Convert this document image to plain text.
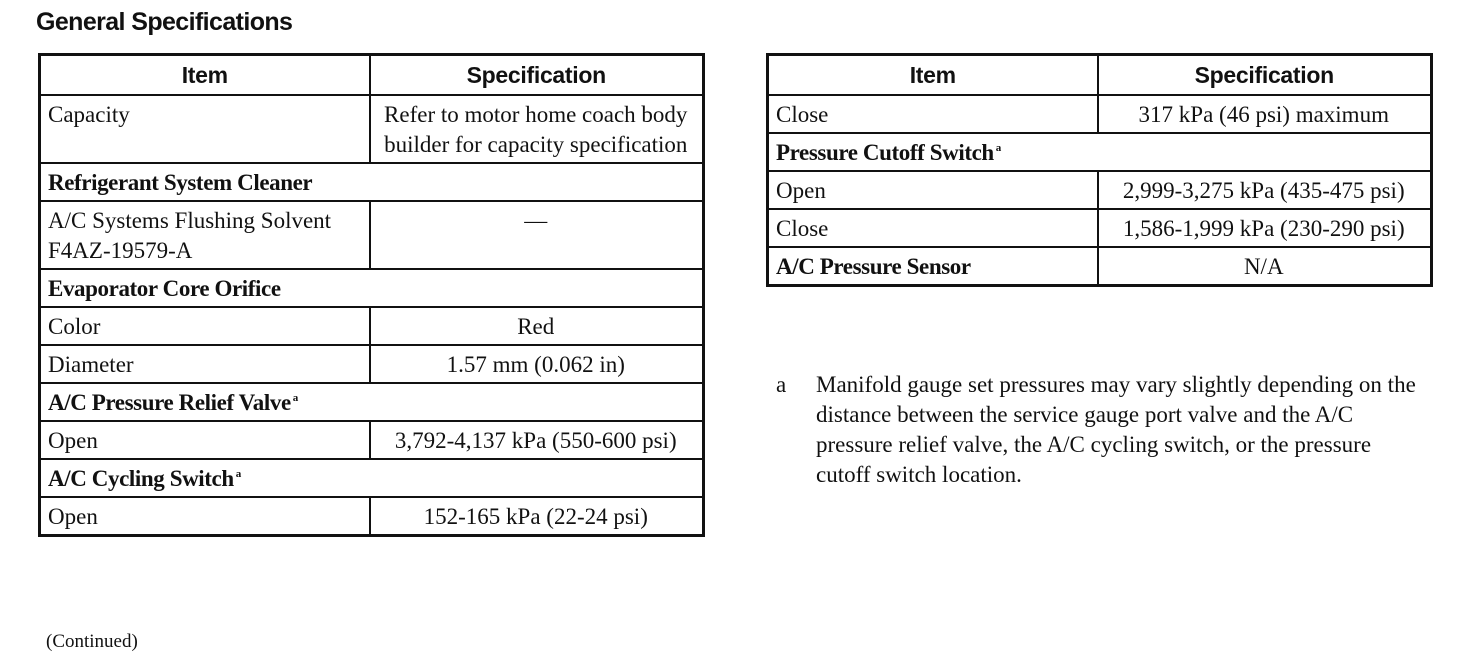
General Specifications
Item	Specification
Capacity	Refer to motor home coach body builder for capacity specification
Refrigerant System Cleaner	
A/C Systems Flushing Solvent F4AZ-19579-A	—
Evaporator Core Orifice	
Color	Red
Diameter	1.57 mm (0.062 in)
A/C Pressure Relief Valve $^a$
Open	3,792-4,137 kPa (550-600 psi)
A/C Cycling Switch $^a$
Open	152-165 kPa (22-24 psi)
(Continued)
Item	Specification
Close	317 kPa (46 psi) maximum
Pressure Cutoff Switch $^a$
Open	2,999-3,275 kPa (435-475 psi)
Close	1,586-1,999 kPa (230-290 psi)
A/C Pressure Sensor	N/A
a Manifold gauge set pressures may vary slightly depending on the distance between the service gauge port valve and the A/C pressure relief valve, the A/C cycling switch, or the pressure cutoff switch location.
